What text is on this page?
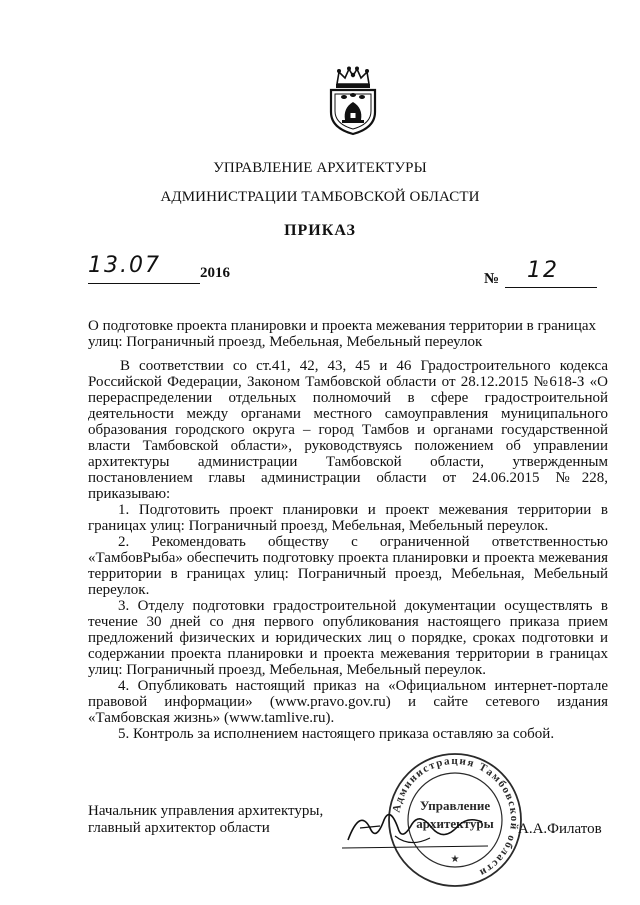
УПРАВЛЕНИЕ АРХИТЕКТУРЫ
АДМИНИСТРАЦИИ ТАМБОВСКОЙ ОБЛАСТИ
ПРИКАЗ
13.07	2016	№	12
О подготовке проекта планировки и проекта межевания территории в границах улиц: Пограничный проезд, Мебельная, Мебельный переулок

В соответствии со ст.41, 42, 43, 45 и 46 Градостроительного кодекса Российской Федерации, Законом Тамбовской области от 28.12.2015 №618-З «О перераспределении отдельных полномочий в сфере градостроительной деятельности между органами местного самоуправления муниципального образования городского округа – город Тамбов и органами государственной власти Тамбовской области», руководствуясь положением об управлении архитектуры администрации Тамбовской области, утвержденным постановлением главы администрации области от 24.06.2015 №228, приказываю:

1. Подготовить проект планировки и проект межевания территории в границах улиц: Пограничный проезд, Мебельная, Мебельный переулок.

2. Рекомендовать обществу с ограниченной ответственностью «ТамбовРыба» обеспечить подготовку проекта планировки и проекта межевания территории в границах улиц: Пограничный проезд, Мебельная, Мебельный переулок.

3. Отделу подготовки градостроительной документации осуществлять в течение 30 дней со дня первого опубликования настоящего приказа прием предложений физических и юридических лиц о порядке, сроках подготовки и содержании проекта планировки и проекта межевания территории в границах улиц: Пограничный проезд, Мебельная, Мебельный переулок.

4. Опубликовать настоящий приказ на «Официальном интернет-портале правовой информации» (www.pravo.gov.ru) и сайте сетевого издания «Тамбовская жизнь» (www.tamlive.ru).

5. Контроль за исполнением настоящего приказа оставляю за собой.

Начальник управления архитектуры,
главный архитектор области
Администрация Тамбовской области
Управление
архитектуры
★
А.А.Филатов
